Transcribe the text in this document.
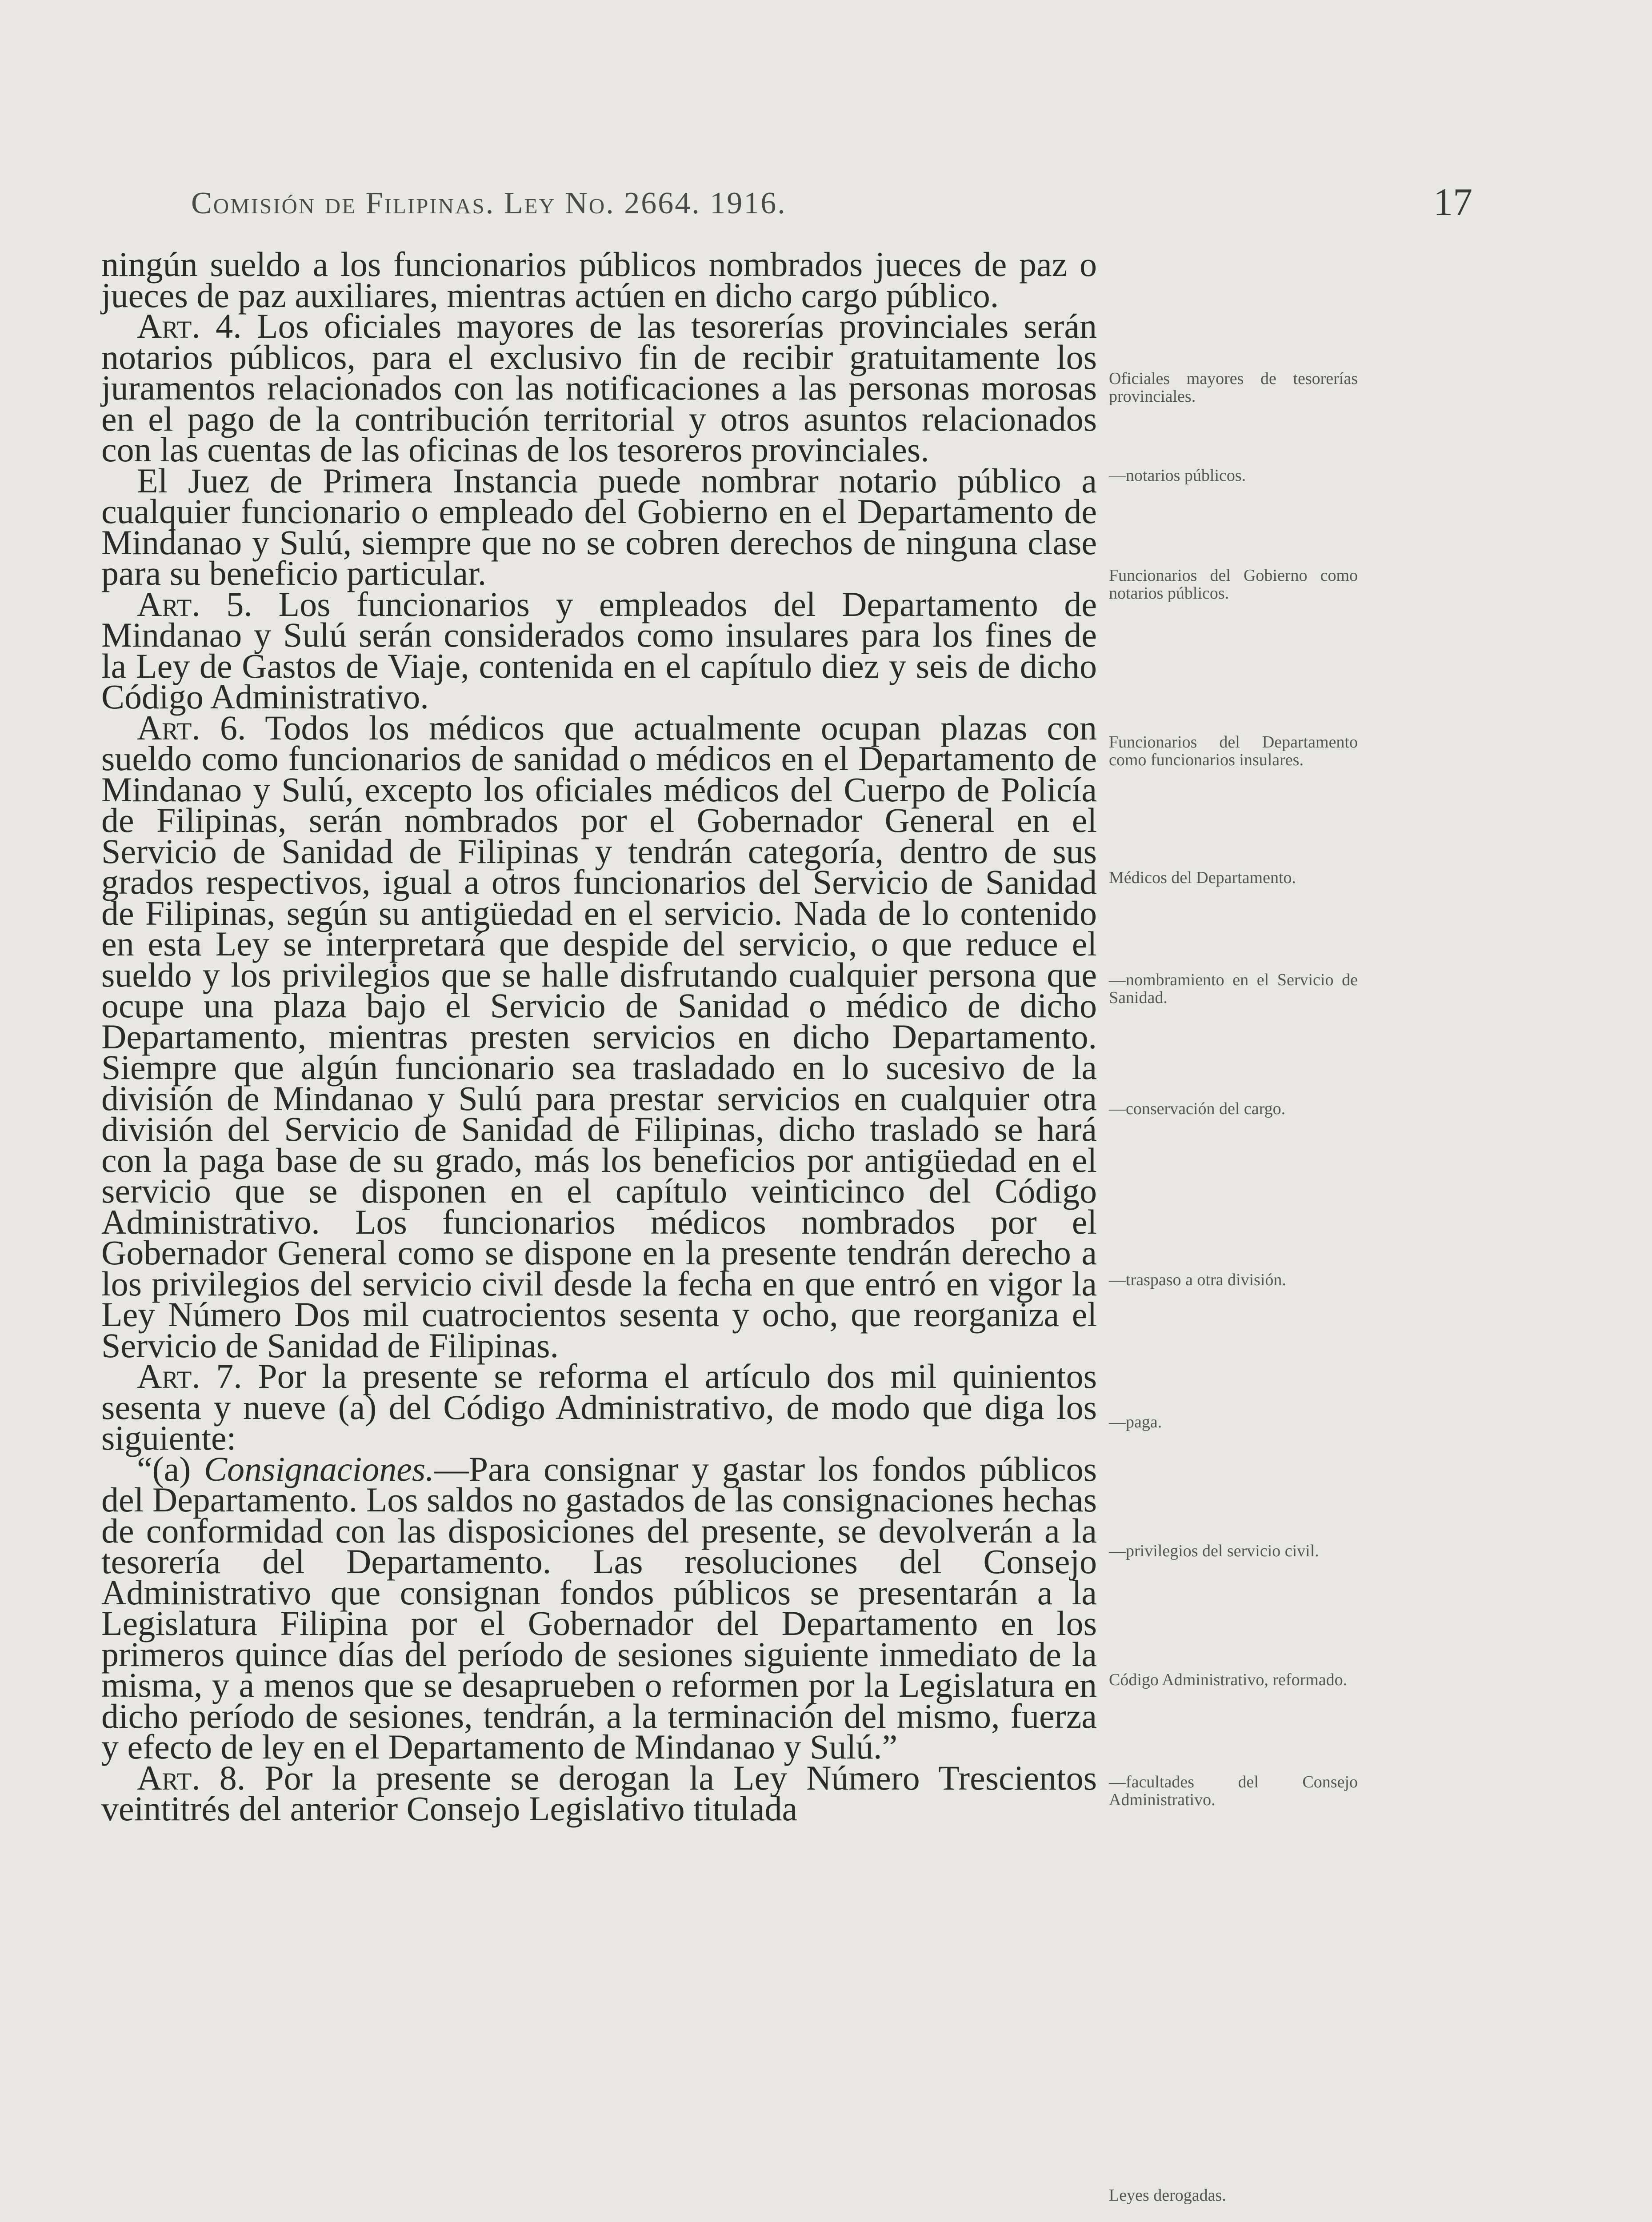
Comisión de Filipinas. Ley No. 2664. 1916.	17

ningún sueldo a los funcionarios públicos nombrados jueces de paz o jueces de paz auxiliares, mientras actúen en dicho cargo público.

Art. 4. Los oficiales mayores de las tesorerías provinciales serán notarios públicos, para el exclusivo fin de recibir gratuitamente los juramentos relacionados con las notificaciones a las personas morosas en el pago de la contribución territorial y otros asuntos relacionados con las cuentas de las oficinas de los tesoreros provinciales.

El Juez de Primera Instancia puede nombrar notario público a cualquier funcionario o empleado del Gobierno en el Departamento de Mindanao y Sulú, siempre que no se cobren derechos de ninguna clase para su beneficio particular.

Art. 5. Los funcionarios y empleados del Departamento de Mindanao y Sulú serán considerados como insulares para los fines de la Ley de Gastos de Viaje, contenida en el capítulo diez y seis de dicho Código Administrativo.

Art. 6. Todos los médicos que actualmente ocupan plazas con sueldo como funcionarios de sanidad o médicos en el Departamento de Mindanao y Sulú, excepto los oficiales médicos del Cuerpo de Policía de Filipinas, serán nombrados por el Gobernador General en el Servicio de Sanidad de Filipinas y tendrán categoría, dentro de sus grados respectivos, igual a otros funcionarios del Servicio de Sanidad de Filipinas, según su antigüedad en el servicio. Nada de lo contenido en esta Ley se interpretará que despide del servicio, o que reduce el sueldo y los privilegios que se halle disfrutando cualquier persona que ocupe una plaza bajo el Servicio de Sanidad o médico de dicho Departamento, mientras presten servicios en dicho Departamento. Siempre que algún funcionario sea trasladado en lo sucesivo de la división de Mindanao y Sulú para prestar servicios en cualquier otra división del Servicio de Sanidad de Filipinas, dicho traslado se hará con la paga base de su grado, más los beneficios por antigüedad en el servicio que se disponen en el capítulo veinticinco del Código Administrativo. Los funcionarios médicos nombrados por el Gobernador General como se dispone en la presente tendrán derecho a los privilegios del servicio civil desde la fecha en que entró en vigor la Ley Número Dos mil cuatrocientos sesenta y ocho, que reorganiza el Servicio de Sanidad de Filipinas.

Art. 7. Por la presente se reforma el artículo dos mil quinientos sesenta y nueve (a) del Código Administrativo, de modo que diga los siguiente:

“(a) Consignaciones.—Para consignar y gastar los fondos públicos del Departamento. Los saldos no gastados de las consignaciones hechas de conformidad con las disposiciones del presente, se devolverán a la tesorería del Departamento. Las resoluciones del Consejo Administrativo que consignan fondos públicos se presentarán a la Legislatura Filipina por el Gobernador del Departamento en los primeros quince días del período de sesiones siguiente inmediato de la misma, y a menos que se desaprueben o reformen por la Legislatura en dicho período de sesiones, tendrán, a la terminación del mismo, fuerza y efecto de ley en el Departamento de Mindanao y Sulú.”

Art. 8. Por la presente se derogan la Ley Número Trescientos veintitrés del anterior Consejo Legislativo titulada

Oficiales mayores de tesorerías provinciales.
—notarios públicos.
Funcionarios del Gobierno como notarios públicos.
Funcionarios del Departamento como funcionarios insulares.
Médicos del Departamento.
—nombramiento en el Servicio de Sanidad.
—conservación del cargo.
—traspaso a otra división.
—paga.
—privilegios del servicio civil.
Código Administrativo, reformado.
—facultades del Consejo Administrativo.
Leyes derogadas.
